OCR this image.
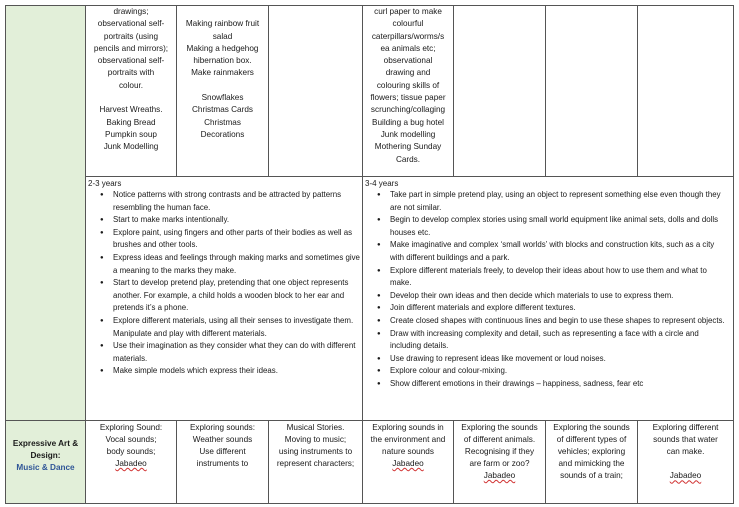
Expressive Art &
Design:
Music & Dance
drawings;
observational self-
portraits (using
pencils and mirrors);
observational self-
portraits with
colour.
Harvest Wreaths.
Baking Bread
Pumpkin soup
Junk Modelling
Making rainbow fruit
salad
Making a hedgehog
hibernation box.
Make rainmakers
Snowflakes
Christmas Cards
Christmas
Decorations
curl paper to make
colourful
caterpillars/worms/s
ea animals etc;
observational
drawing and
colouring skills of
flowers; tissue paper
scrunching/collaging
Building a bug hotel
Junk modelling
Mothering Sunday
Cards.
2-3 years
● Notice patterns with strong contrasts and be attracted by patterns resembling the human face.
● Start to make marks intentionally.
● Explore paint, using fingers and other parts of their bodies as well as brushes and other tools.
● Express ideas and feelings through making marks and sometimes give a meaning to the marks they make.
● Start to develop pretend play, pretending that one object represents another. For example, a child holds a wooden block to her ear and pretends it’s a phone.
● Explore different materials, using all their senses to investigate them. Manipulate and play with different materials.
● Use their imagination as they consider what they can do with different materials.
● Make simple models which express their ideas.
3-4 years
● Take part in simple pretend play, using an object to represent something else even though they are not similar.
● Begin to develop complex stories using small world equipment like animal sets, dolls and dolls houses etc.
● Make imaginative and complex ‘small worlds’ with blocks and construction kits, such as a city with different buildings and a park.
● Explore different materials freely, to develop their ideas about how to use them and what to make.
● Develop their own ideas and then decide which materials to use to express them.
● Join different materials and explore different textures.
● Create closed shapes with continuous lines and begin to use these shapes to represent objects.
● Draw with increasing complexity and detail, such as representing a face with a circle and including details.
● Use drawing to represent ideas like movement or loud noises.
● Explore colour and colour-mixing.
● Show different emotions in their drawings – happiness, sadness, fear etc
Exploring Sound:
Vocal sounds;
body sounds;
Jabadeo
Exploring sounds:
Weather sounds
Use different
instruments to
Musical Stories.
Moving to music;
using instruments to
represent characters;
Exploring sounds in
the environment and
nature sounds
Jabadeo
Exploring the sounds
of different animals.
Recognising if they
are farm or zoo?
Jabadeo
Exploring the sounds
of different types of
vehicles; exploring
and mimicking the
sounds of a train;
Exploring different
sounds that water
can make.
Jabadeo
